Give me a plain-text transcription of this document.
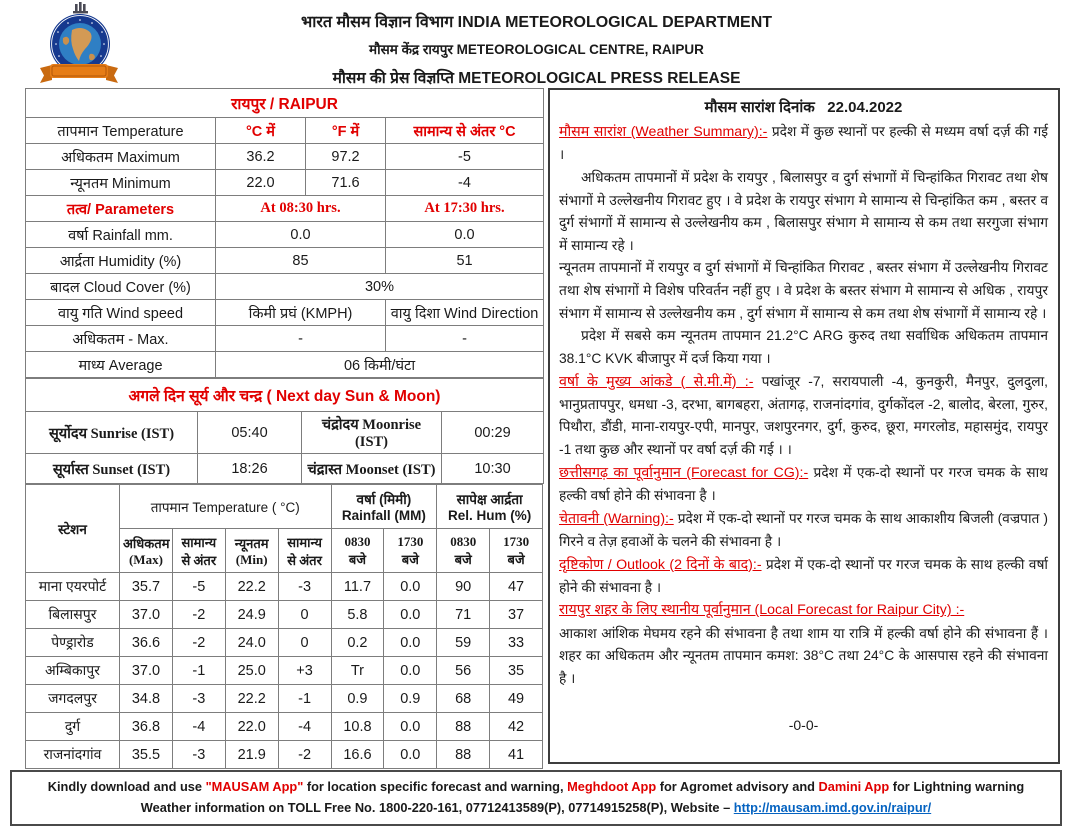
भारत मौसम विज्ञान विभाग INDIA METEOROLOGICAL DEPARTMENT
मौसम केंद्र रायपुर METEOROLOGICAL CENTRE, RAIPUR
मौसम की प्रेस विज्ञप्ति METEOROLOGICAL PRESS RELEASE
रायपुर / RAIPUR			
तापमान Temperature	°C में	°F में	सामान्य से अंतर °C
अधिकतम Maximum	36.2	97.2	-5
न्यूनतम Minimum	22.0	71.6	-4
तत्व/ Parameters	At 08:30 hrs.		At 17:30 hrs.
वर्षा Rainfall mm.	0.0		0.0
आर्द्रता Humidity (%)	85		51
बादल Cloud Cover (%)	30%		
वायु गति Wind speed	किमी प्रघं (KMPH)		वायु दिशा Wind Direction
अधिकतम - Max.	-		-
माध्य Average	06 किमी/घंटा		
अगले दिन सूर्य और चन्द्र ( Next day Sun & Moon)			
सूर्योदय Sunrise (IST)	05:40	चंद्रोदय Moonrise (IST)	00:29
सूर्यास्त Sunset (IST)	18:26	चंद्रास्त Moonset (IST)	10:30
स्टेशन	तापमान Temperature ( °C)	वर्षा (मिमी)
Rainfall (MM)

सापेक्ष आर्द्रता
Rel. Hum (%)

	अधिकतम (Max)	सामान्य से अंतर	न्यूनतम (Min)	सामान्य से अंतर	0830 बजे	1730 बजे	0830 बजे	1730 बजे
माना एयरपोर्ट	35.7	-5	22.2	-3	11.7	0.0	90	47
बिलासपुर	37.0	-2	24.9	0	5.8	0.0	71	37
पेण्ड्रारोड	36.6	-2	24.0	0	0.2	0.0	59	33
अम्बिकापुर	37.0	-1	25.0	+3	Tr	0.0	56	35
जगदलपुर	34.8	-3	22.2	-1	0.9	0.9	68	49
दुर्ग	36.8	-4	22.0	-4	10.8	0.0	88	42
राजनांदगांव	35.5	-3	21.9	-2	16.6	0.0	88	41

मौसम सारांश दिनांक 22.04.2022

मौसम सारांश (Weather Summary):- प्रदेश में कुछ स्थानों पर हल्की से मध्यम वर्षा दर्ज़ की गई ।

अधिकतम तापमानों में प्रदेश के रायपुर , बिलासपुर व दुर्ग संभागों में चिन्हांकित गिरावट तथा शेष संभागों मे उल्लेखनीय गिरावट हुए । वे प्रदेश के रायपुर संभाग मे सामान्य से चिन्हांकित कम , बस्तर व दुर्ग संभागों में सामान्य से उल्लेखनीय कम , बिलासपुर संभाग मे सामान्य से कम तथा सरगुजा संभाग में सामान्य रहे ।

न्यूनतम तापमानों में रायपुर व दुर्ग संभागों में चिन्हांकित गिरावट , बस्तर संभाग में उल्लेखनीय गिरावट तथा शेष संभागों मे विशेष परिवर्तन नहीं हुए । वे प्रदेश के बस्तर संभाग मे सामान्य से अधिक , रायपुर संभाग में सामान्य से उल्लेखनीय कम , दुर्ग संभाग में सामान्य से कम तथा शेष संभागों में सामान्य रहे ।

प्रदेश में सबसे कम न्यूनतम तापमान 21.2°C ARG कुरुद तथा सर्वाधिक अधिकतम तापमान 38.1°C KVK बीजापुर में दर्ज किया गया ।

वर्षा के मुख्य आंकडे ( से.मी.में) :- पखांजूर -7, सरायपाली -4, कुनकुरी, मैनपुर, दुलदुला, भानुप्रतापपुर, धमधा -3, दरभा, बागबहरा, अंतागढ़, राजनांदगांव, दुर्गकोंदल -2, बालोद, बेरला, गुरुर, पिथौरा, डौंडी, माना-रायपुर-एपी, मानपुर, जशपुरनगर, दुर्ग, कुरुद, छूरा, मगरलोड, महासमुंद, रायपुर -1 तथा कुछ और स्थानों पर वर्षा दर्ज़ की गई । ।

छत्तीसगढ़ का पूर्वानुमान (Forecast for CG):- प्रदेश में एक-दो स्थानों पर गरज चमक के साथ हल्की वर्षा होने की संभावना है ।

चेतावनी (Warning):- प्रदेश में एक-दो स्थानों पर गरज चमक के साथ आकाशीय बिजली (वज्रपात ) गिरने व तेज़ हवाओं के चलने की संभावना है ।

दृष्टिकोण / Outlook (2 दिनों के बाद):- प्रदेश में एक-दो स्थानों पर गरज चमक के साथ हल्की वर्षा होने की संभावना है ।

रायपुर शहर के लिए स्थानीय पूर्वानुमान (Local Forecast for Raipur City) :-
आकाश आंशिक मेघमय रहने की संभावना है तथा शाम या रात्रि में हल्की वर्षा होने की संभावना हैं । शहर का अधिकतम और न्यूनतम तापमान कमश: 38°C तथा 24°C के आसपास रहने की संभावना है ।

-0-0-
Kindly download and use "MAUSAM App" for location specific forecast and warning, Meghdoot App for Agromet advisory and Damini App for Lightning warning
Weather information on TOLL Free No. 1800-220-161, 07712413589(P), 07714915258(P), Website – http://mausam.imd.gov.in/raipur/
